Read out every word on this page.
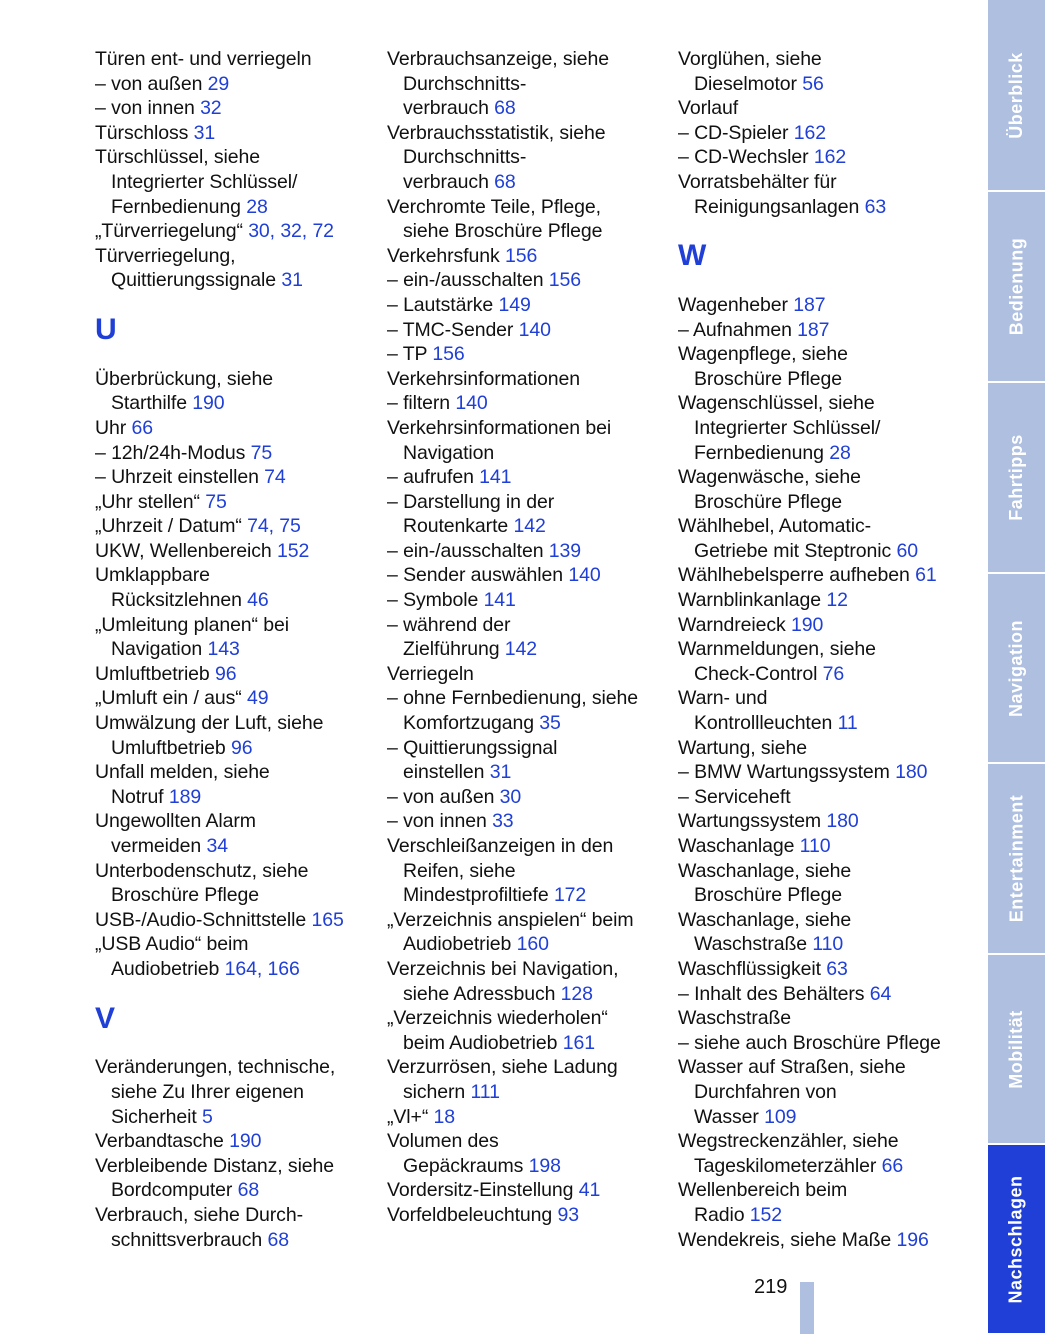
Türen ent- und verriegeln
– von außen 29
– von innen 32
Türschloss 31
Türschlüssel, siehe
Integrierter Schlüssel/
Fernbedienung 28
„Türverriegelung“ 30, 32, 72
Türverriegelung,
Quittierungssignale 31
U
Überbrückung, siehe
Starthilfe 190
Uhr 66
– 12h/24h-Modus 75
– Uhrzeit einstellen 74
„Uhr stellen“ 75
„Uhrzeit / Datum“ 74, 75
UKW, Wellenbereich 152
Umklappbare
Rücksitzlehnen 46
„Umleitung planen“ bei
Navigation 143
Umluftbetrieb 96
„Umluft ein / aus“ 49
Umwälzung der Luft, siehe
Umluftbetrieb 96
Unfall melden, siehe
Notruf 189
Ungewollten Alarm
vermeiden 34
Unterbodenschutz, siehe
Broschüre Pflege
USB-/Audio-Schnittstelle 165
„USB Audio“ beim
Audiobetrieb 164, 166
V
Veränderungen, technische,
siehe Zu Ihrer eigenen
Sicherheit 5
Verbandtasche 190
Verbleibende Distanz, siehe
Bordcomputer 68
Verbrauch, siehe Durch-
schnittsverbrauch 68
Verbrauchsanzeige, siehe
Durchschnitts-
verbrauch 68
Verbrauchsstatistik, siehe
Durchschnitts-
verbrauch 68
Verchromte Teile, Pflege,
siehe Broschüre Pflege
Verkehrsfunk 156
– ein-/ausschalten 156
– Lautstärke 149
– TMC-Sender 140
– TP 156
Verkehrsinformationen
– filtern 140
Verkehrsinformationen bei
Navigation
– aufrufen 141
– Darstellung in der
Routenkarte 142
– ein-/ausschalten 139
– Sender auswählen 140
– Symbole 141
– während der
Zielführung 142
Verriegeln
– ohne Fernbedienung, siehe
Komfortzugang 35
– Quittierungssignal
einstellen 31
– von außen 30
– von innen 33
Verschleißanzeigen in den
Reifen, siehe
Mindestprofiltiefe 172
„Verzeichnis anspielen“ beim
Audiobetrieb 160
Verzeichnis bei Navigation,
siehe Adressbuch 128
„Verzeichnis wiederholen“
beim Audiobetrieb 161
Verzurrösen, siehe Ladung
sichern 111
„Vl+“ 18
Volumen des
Gepäckraums 198
Vordersitz-Einstellung 41
Vorfeldbeleuchtung 93
Vorglühen, siehe
Dieselmotor 56
Vorlauf
– CD-Spieler 162
– CD-Wechsler 162
Vorratsbehälter für
Reinigungsanlagen 63
W
Wagenheber 187
– Aufnahmen 187
Wagenpflege, siehe
Broschüre Pflege
Wagenschlüssel, siehe
Integrierter Schlüssel/
Fernbedienung 28
Wagenwäsche, siehe
Broschüre Pflege
Wählhebel, Automatic-
Getriebe mit Steptronic 60
Wählhebelsperre aufheben 61
Warnblinkanlage 12
Warndreieck 190
Warnmeldungen, siehe
Check-Control 76
Warn- und
Kontrollleuchten 11
Wartung, siehe
– BMW Wartungssystem 180
– Serviceheft
Wartungssystem 180
Waschanlage 110
Waschanlage, siehe
Broschüre Pflege
Waschanlage, siehe
Waschstraße 110
Waschflüssigkeit 63
– Inhalt des Behälters 64
Waschstraße
– siehe auch Broschüre Pflege
Wasser auf Straßen, siehe
Durchfahren von
Wasser 109
Wegstreckenzähler, siehe
Tageskilometerzähler 66
Wellenbereich beim
Radio 152
Wendekreis, siehe Maße 196
Überblick
Bedienung
Fahrtipps
Navigation
Entertainment
Mobilität
Nachschlagen
219
